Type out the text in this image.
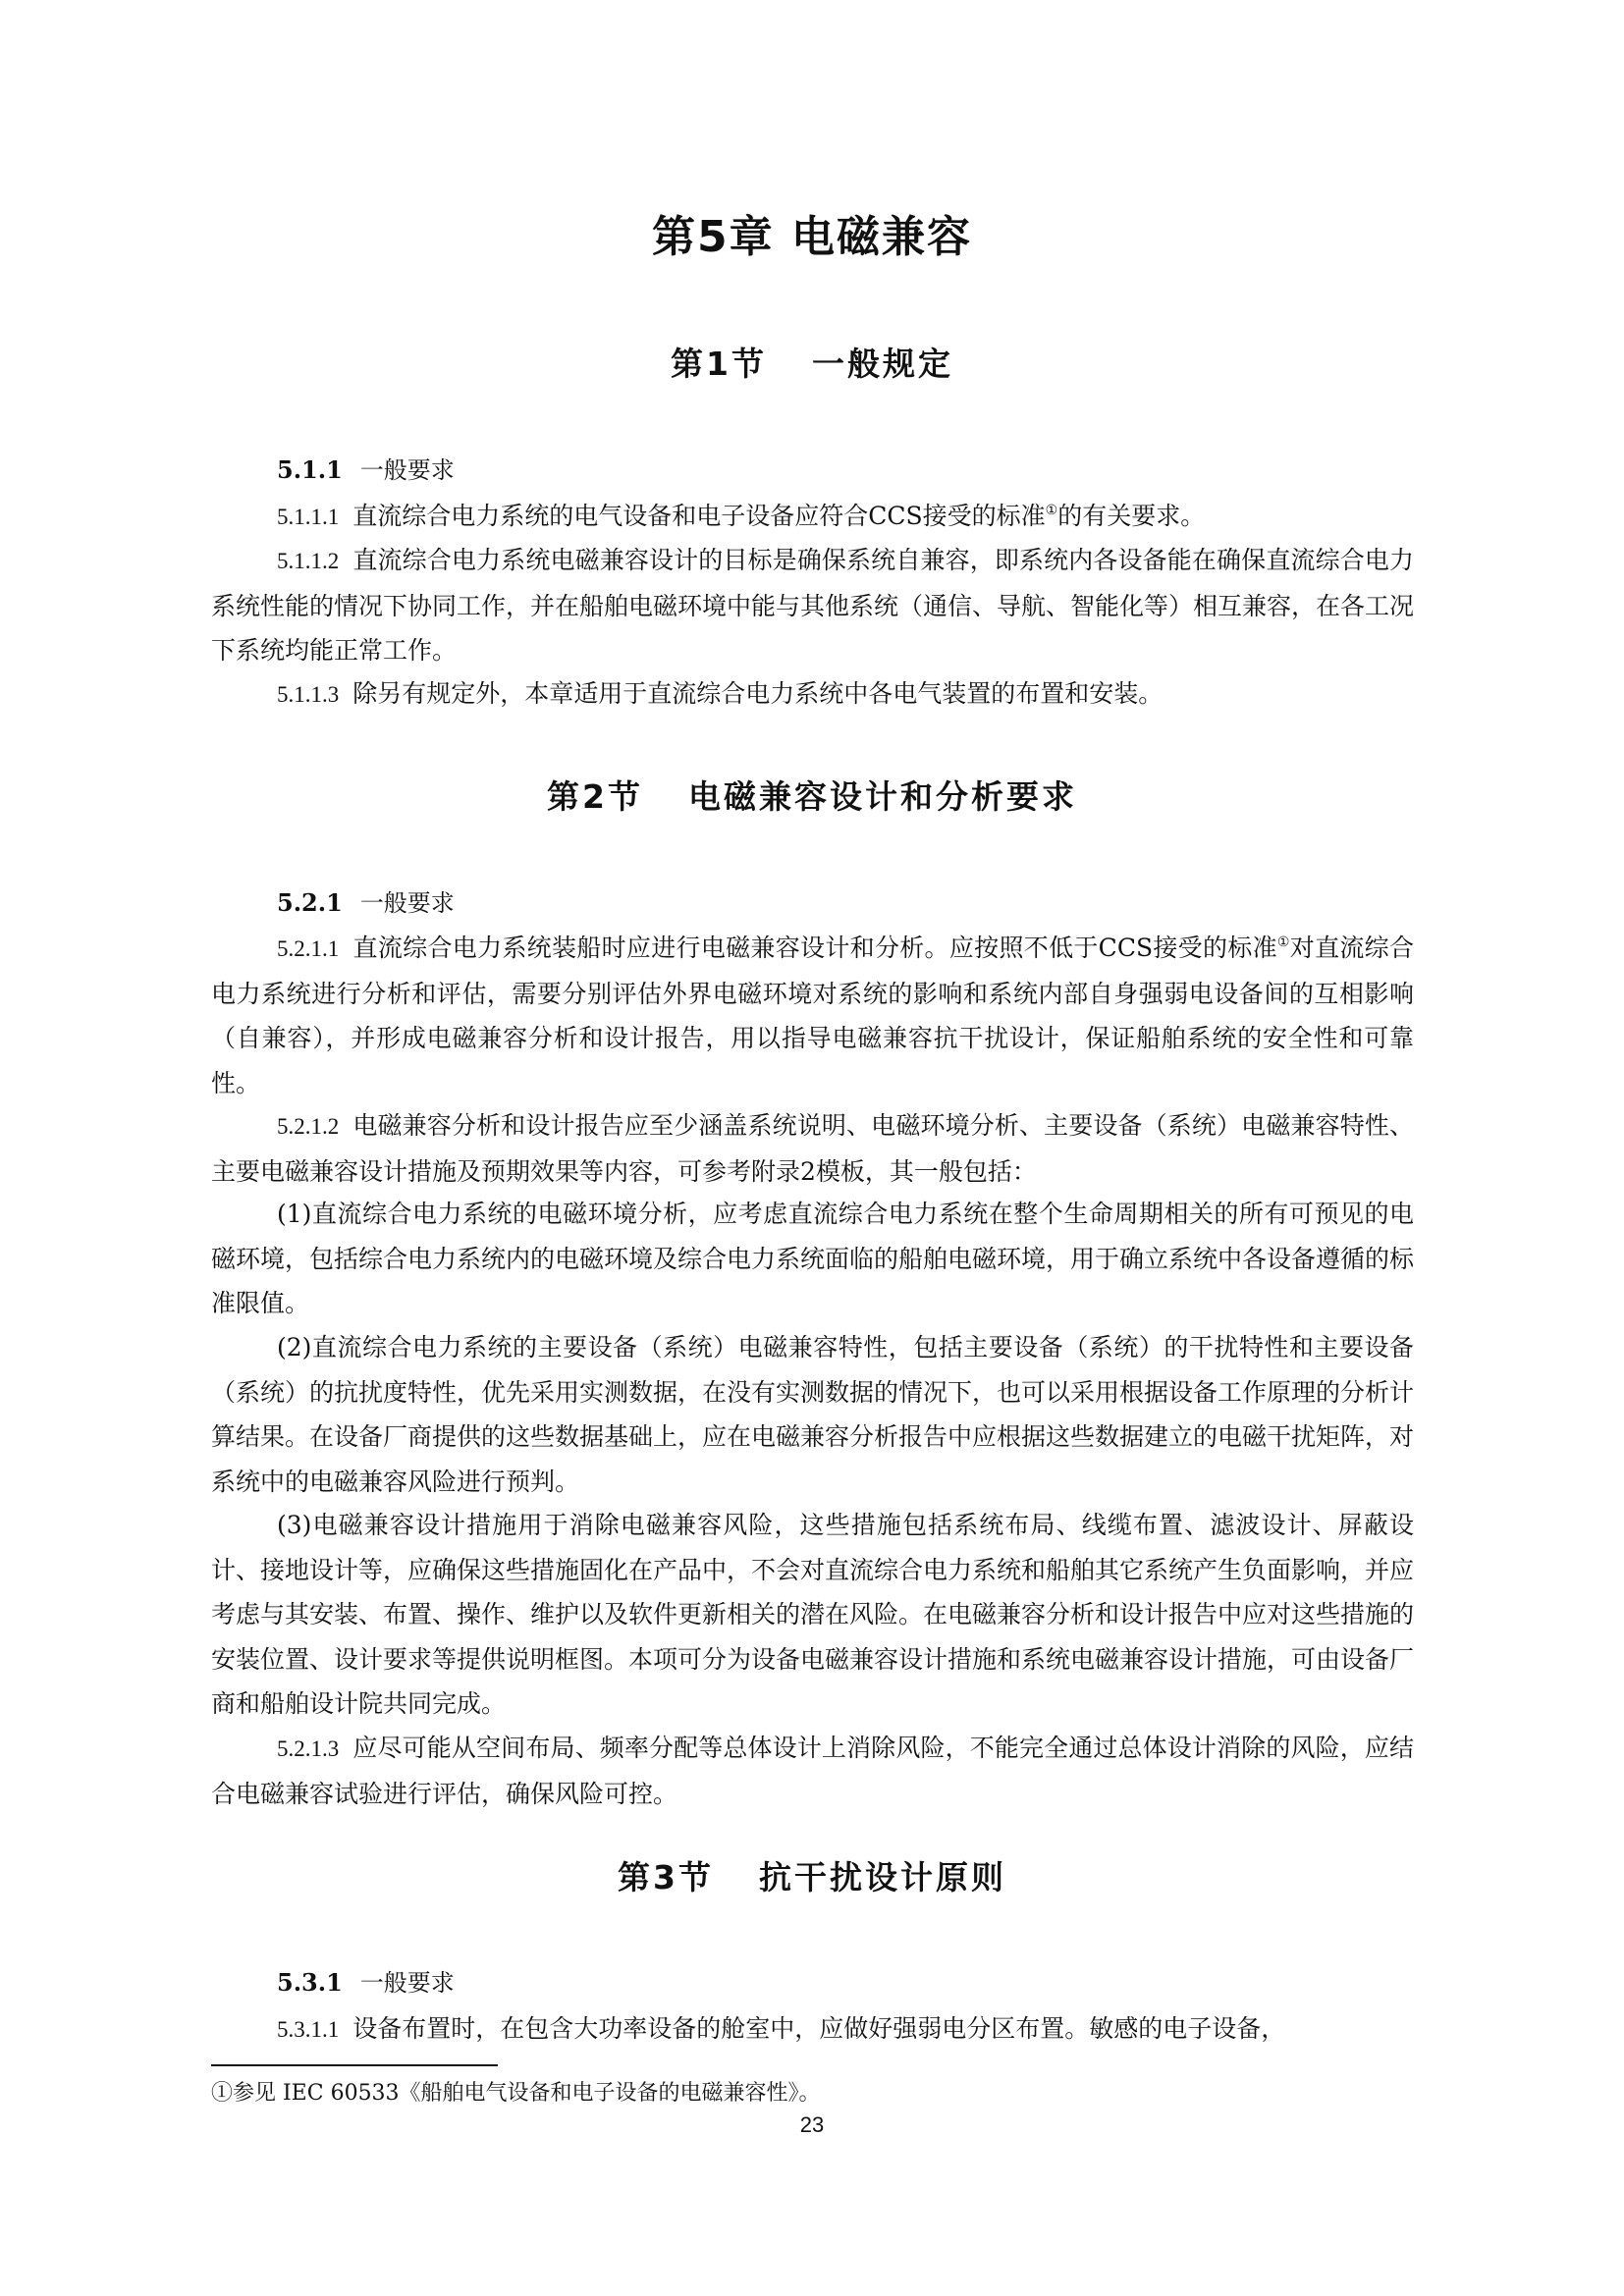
第5章 电磁兼容
第1节 一般规定
5.1.1 一般要求
5.1.1.1 直流综合电力系统的电气设备和电子设备应符合CCS接受的标准①的有关要求。
5.1.1.2 直流综合电力系统电磁兼容设计的目标是确保系统自兼容，即系统内各设备能在确保直流综合电力系统性能的情况下协同工作，并在船舶电磁环境中能与其他系统（通信、导航、智能化等）相互兼容，在各工况下系统均能正常工作。
5.1.1.3 除另有规定外，本章适用于直流综合电力系统中各电气装置的布置和安装。
第2节 电磁兼容设计和分析要求
5.2.1 一般要求
5.2.1.1 直流综合电力系统装船时应进行电磁兼容设计和分析。应按照不低于CCS接受的标准①对直流综合电力系统进行分析和评估，需要分别评估外界电磁环境对系统的影响和系统内部自身强弱电设备间的互相影响（自兼容），并形成电磁兼容分析和设计报告，用以指导电磁兼容抗干扰设计，保证船舶系统的安全性和可靠性。
5.2.1.2 电磁兼容分析和设计报告应至少涵盖系统说明、电磁环境分析、主要设备（系统）电磁兼容特性、主要电磁兼容设计措施及预期效果等内容，可参考附录2模板，其一般包括：
(1)直流综合电力系统的电磁环境分析，应考虑直流综合电力系统在整个生命周期相关的所有可预见的电磁环境，包括综合电力系统内的电磁环境及综合电力系统面临的船舶电磁环境，用于确立系统中各设备遵循的标准限值。
(2)直流综合电力系统的主要设备（系统）电磁兼容特性，包括主要设备（系统）的干扰特性和主要设备（系统）的抗扰度特性，优先采用实测数据，在没有实测数据的情况下，也可以采用根据设备工作原理的分析计算结果。在设备厂商提供的这些数据基础上，应在电磁兼容分析报告中应根据这些数据建立的电磁干扰矩阵，对系统中的电磁兼容风险进行预判。
(3)电磁兼容设计措施用于消除电磁兼容风险，这些措施包括系统布局、线缆布置、滤波设计、屏蔽设计、接地设计等，应确保这些措施固化在产品中，不会对直流综合电力系统和船舶其它系统产生负面影响，并应考虑与其安装、布置、操作、维护以及软件更新相关的潜在风险。在电磁兼容分析和设计报告中应对这些措施的安装位置、设计要求等提供说明框图。本项可分为设备电磁兼容设计措施和系统电磁兼容设计措施，可由设备厂商和船舶设计院共同完成。
5.2.1.3 应尽可能从空间布局、频率分配等总体设计上消除风险，不能完全通过总体设计消除的风险，应结合电磁兼容试验进行评估，确保风险可控。
第3节 抗干扰设计原则
5.3.1 一般要求
5.3.1.1 设备布置时，在包含大功率设备的舱室中，应做好强弱电分区布置。敏感的电子设备，
①参见 IEC 60533《船舶电气设备和电子设备的电磁兼容性》。
23
